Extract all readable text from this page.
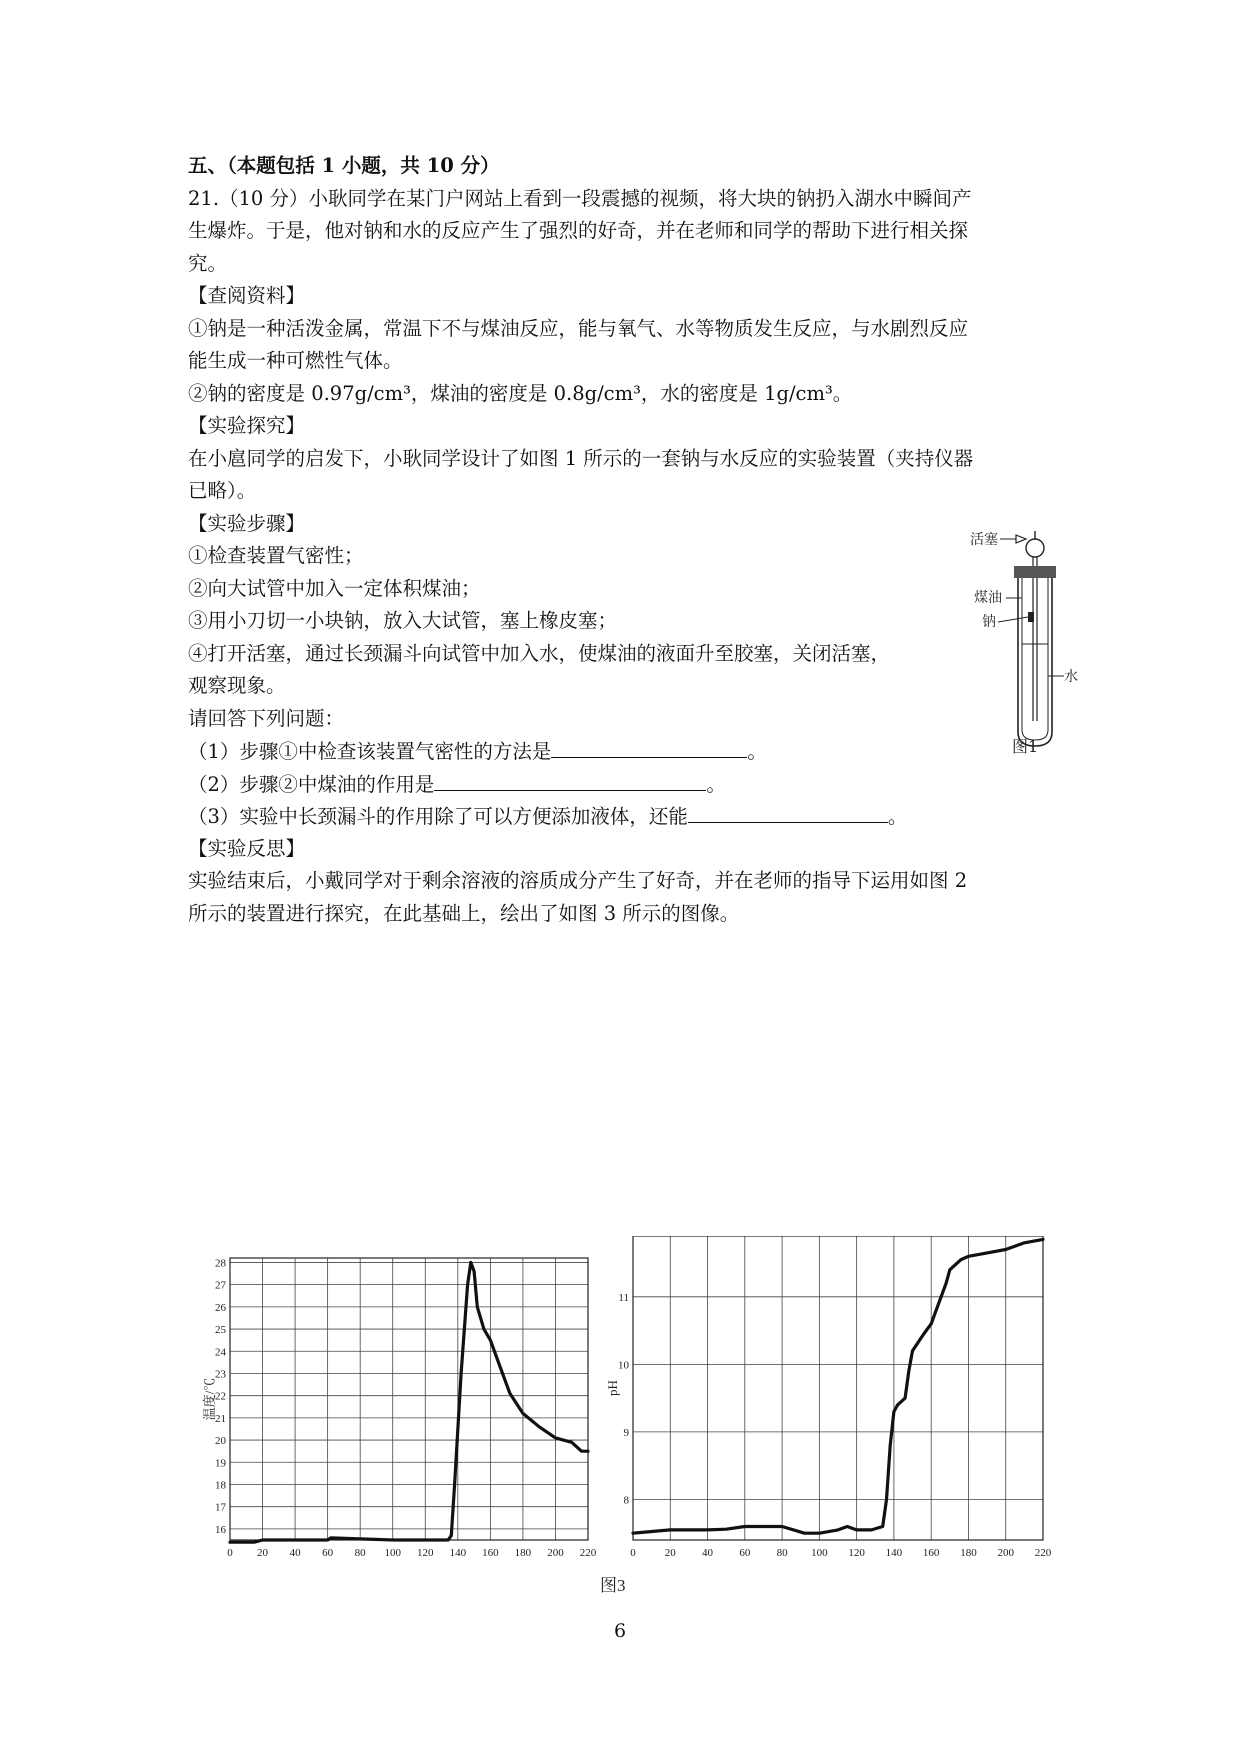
五、（本题包括 1 小题，共 10 分）
21.（10 分）小耿同学在某门户网站上看到一段震撼的视频，将大块的钠扔入湖水中瞬间产
生爆炸。于是，他对钠和水的反应产生了强烈的好奇，并在老师和同学的帮助下进行相关探
究。
【查阅资料】
①钠是一种活泼金属，常温下不与煤油反应，能与氧气、水等物质发生反应，与水剧烈反应
能生成一种可燃性气体。
②钠的密度是 0.97g/cm³，煤油的密度是 0.8g/cm³，水的密度是 1g/cm³。
【实验探究】
在小扈同学的启发下，小耿同学设计了如图 1 所示的一套钠与水反应的实验装置（夹持仪器
已略）。
【实验步骤】
①检查装置气密性；
②向大试管中加入一定体积煤油；
③用小刀切一小块钠，放入大试管，塞上橡皮塞；
④打开活塞，通过长颈漏斗向试管中加入水，使煤油的液面升至胶塞，关闭活塞，
观察现象。
请回答下列问题：
（1）步骤①中检查该装置气密性的方法是	。
（2）步骤②中煤油的作用是	。
（3）实验中长颈漏斗的作用除了可以方便添加液体，还能	。
【实验反思】
实验结束后，小戴同学对于剩余溶液的溶质成分产生了好奇，并在老师的指导下运用如图 2
所示的装置进行探究，在此基础上，绘出了如图 3 所示的图像。
活塞
煤油
钠
水
图1
0 20 40 60 80 100 120 140 160 180 200 220
16
17
18
19
20
21
22
23
24
25
26
27
28
温度/℃
0	20 40 60 80 100 120 140 160 180 200 220
8
9
10
11
pH
图3
6
